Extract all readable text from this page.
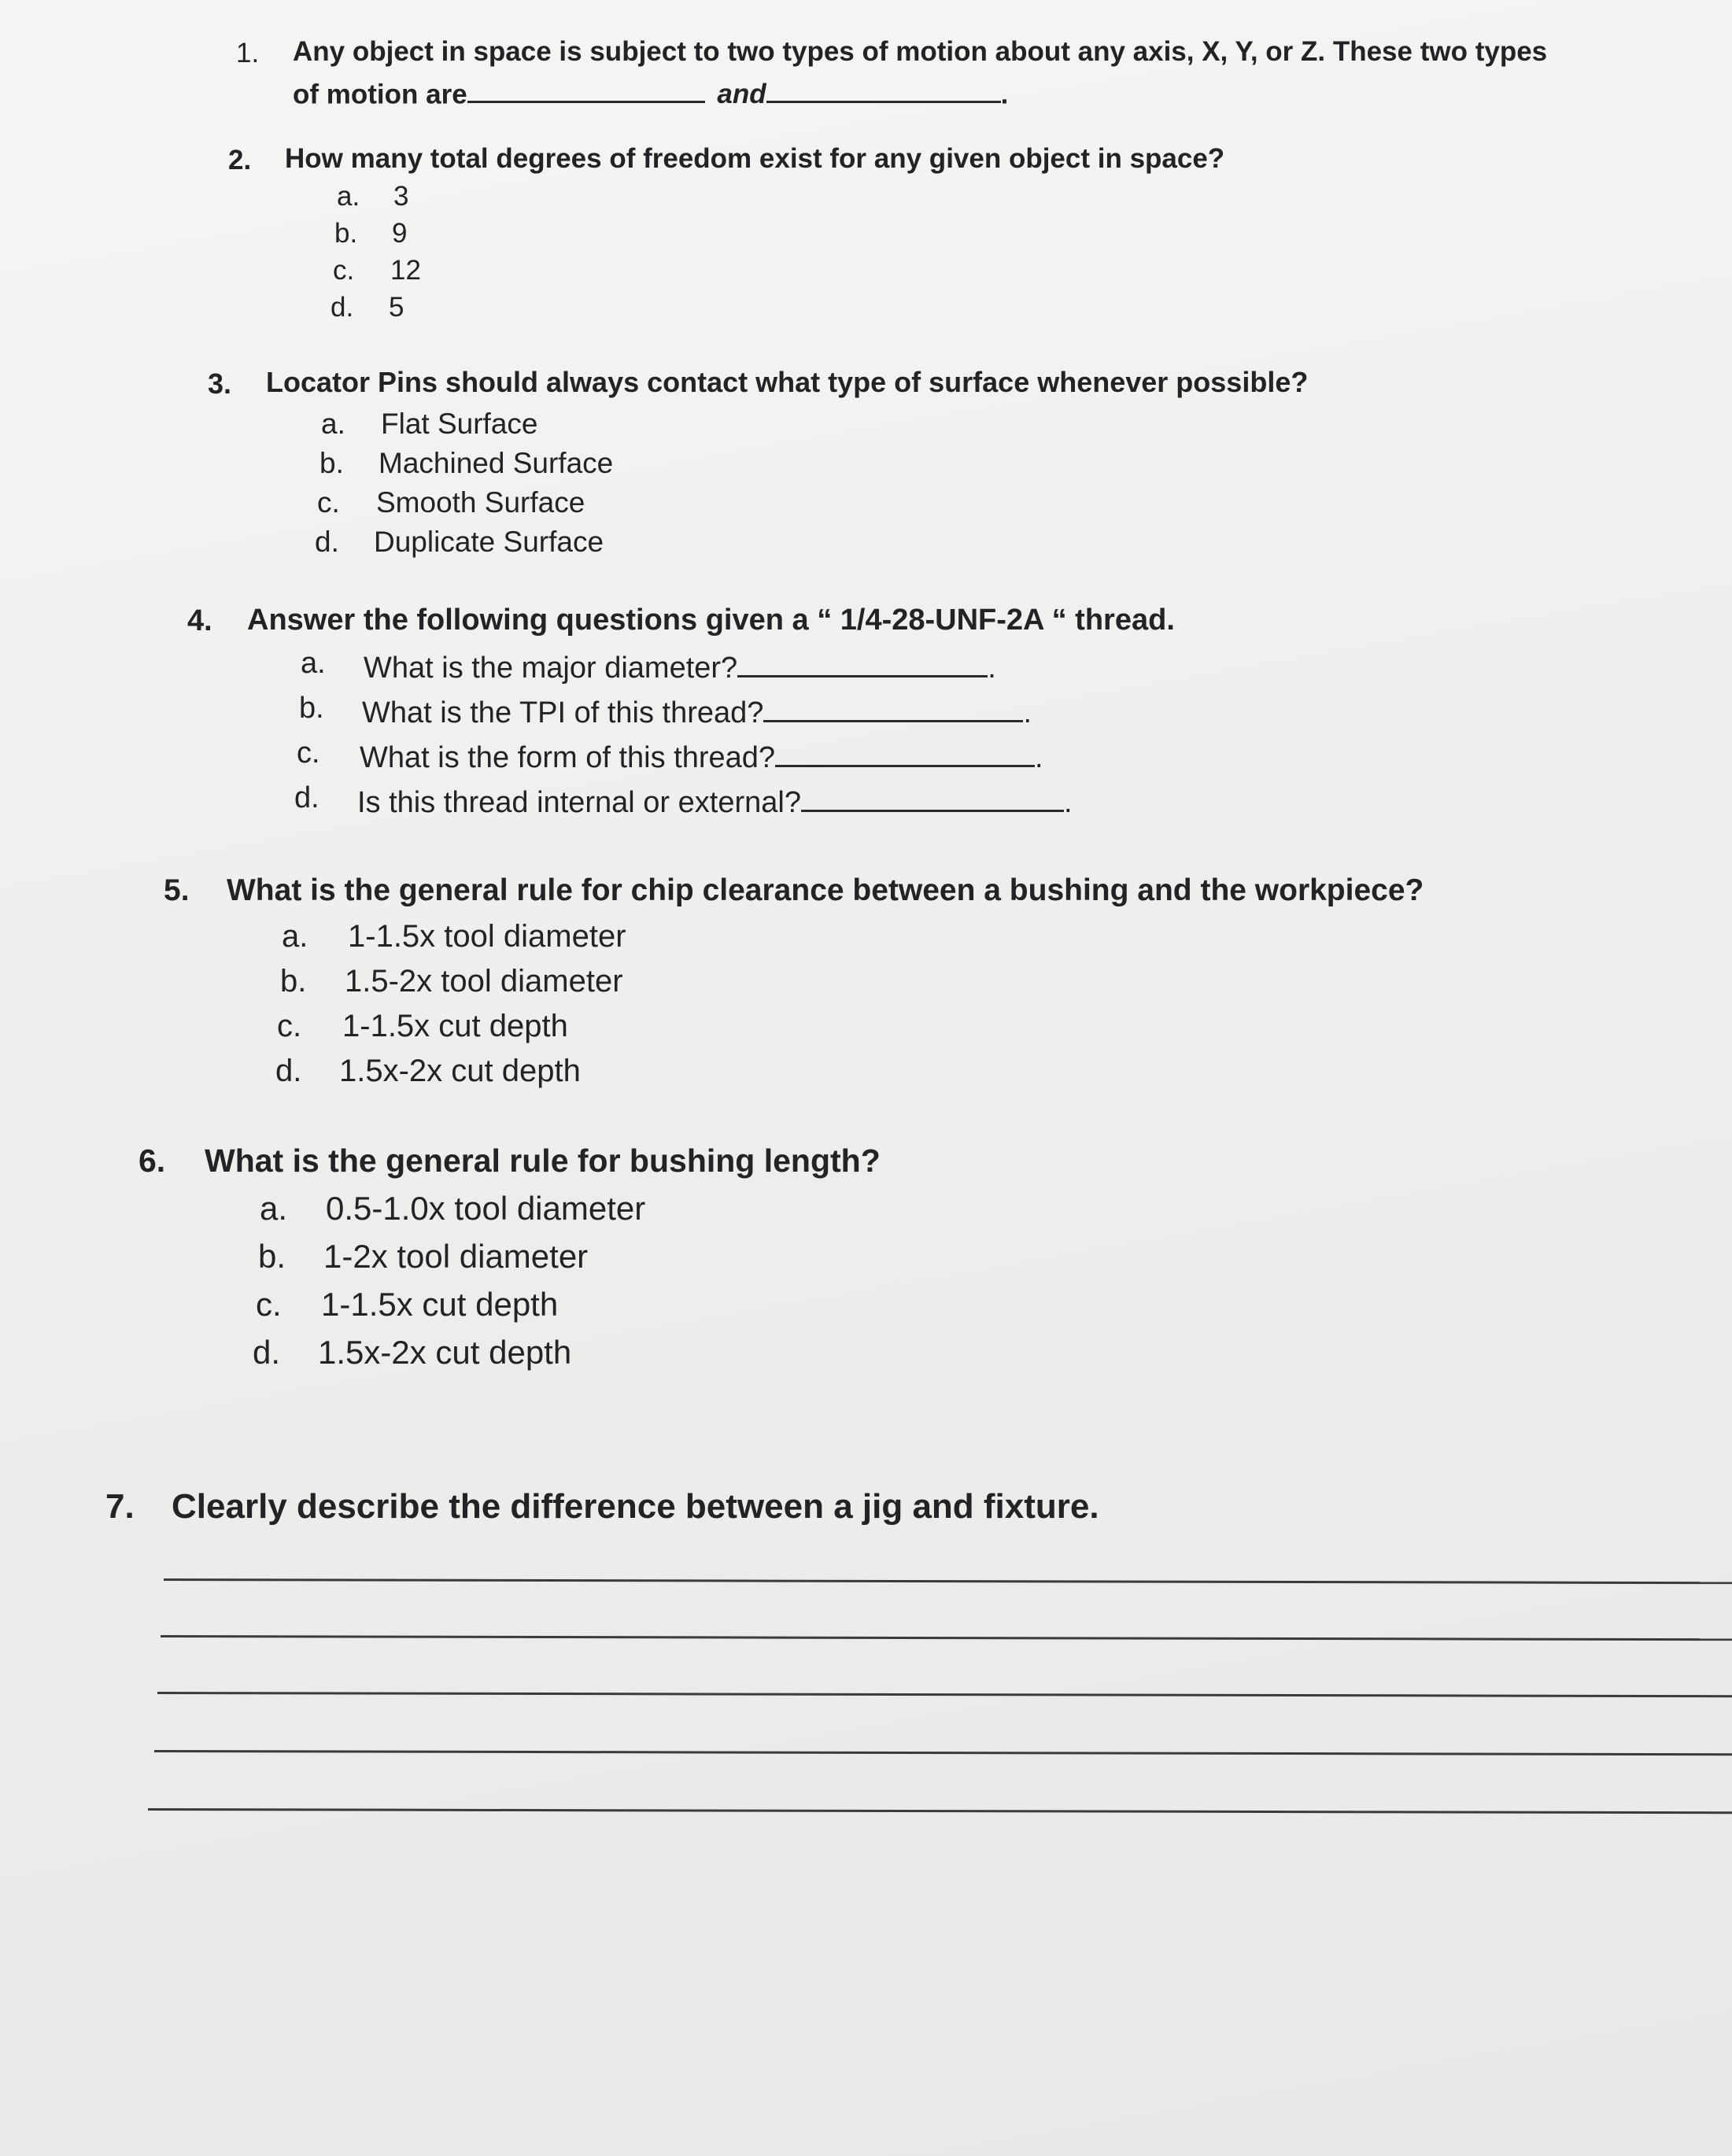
1. Any object in space is subject to two types of motion about any axis, X, Y, or Z. These two types
of motion are	and	.
2. How many total degrees of freedom exist for any given object in space?
a. 3
b. 9
c. 12
d. 5
3. Locator Pins should always contact what type of surface whenever possible?
a. Flat Surface
b. Machined Surface
c. Smooth Surface
d. Duplicate Surface
4. Answer the following questions given a “ 1/4-28-UNF-2A “ thread.
a. What is the major diameter?	.
b. What is the TPI of this thread?	.
c. What is the form of this thread?	.
d. Is this thread internal or external?	.
5. What is the general rule for chip clearance between a bushing and the workpiece?
a. 1-1.5x tool diameter
b. 1.5-2x tool diameter
c. 1-1.5x cut depth
d. 1.5x-2x cut depth
6. What is the general rule for bushing length?
a. 0.5-1.0x tool diameter
b. 1-2x tool diameter
c. 1-1.5x cut depth
d. 1.5x-2x cut depth
7. Clearly describe the difference between a jig and fixture.
